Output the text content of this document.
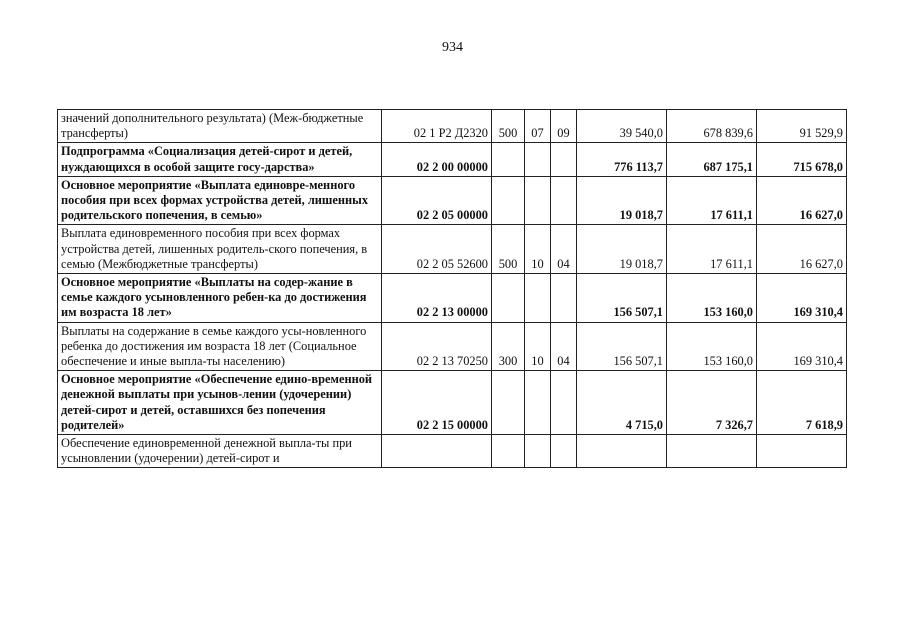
934
значений дополнительного результата) (Меж-бюджетные трансферты)	02 1 Р2 Д2320	500	07	09	39 540,0	678 839,6	91 529,9
Подпрограмма «Социализация детей-сирот и детей, нуждающихся в особой защите госу-дарства»	02 2 00 00000				776 113,7	687 175,1	715 678,0
Основное мероприятие «Выплата единовре-менного пособия при всех формах устройства детей, лишенных родительского попечения, в семью»	02 2 05 00000				19 018,7	17 611,1	16 627,0
Выплата единовременного пособия при всех формах устройства детей, лишенных родитель-ского попечения, в семью (Межбюджетные трансферты)	02 2 05 52600	500	10	04	19 018,7	17 611,1	16 627,0
Основное мероприятие «Выплаты на содер-жание в семье каждого усыновленного ребен-ка до достижения им возраста 18 лет»	02 2 13 00000				156 507,1	153 160,0	169 310,4
Выплаты на содержание в семье каждого усы-новленного ребенка до достижения им возраста 18 лет (Социальное обеспечение и иные выпла-ты населению)	02 2 13 70250	300	10	04	156 507,1	153 160,0	169 310,4
Основное мероприятие «Обеспечение едино-временной денежной выплаты при усынов-лении (удочерении) детей-сирот и детей, оставшихся без попечения родителей»	02 2 15 00000				4 715,0	7 326,7	7 618,9
Обеспечение единовременной денежной выпла-ты при усыновлении (удочерении) детей-сирот и							
